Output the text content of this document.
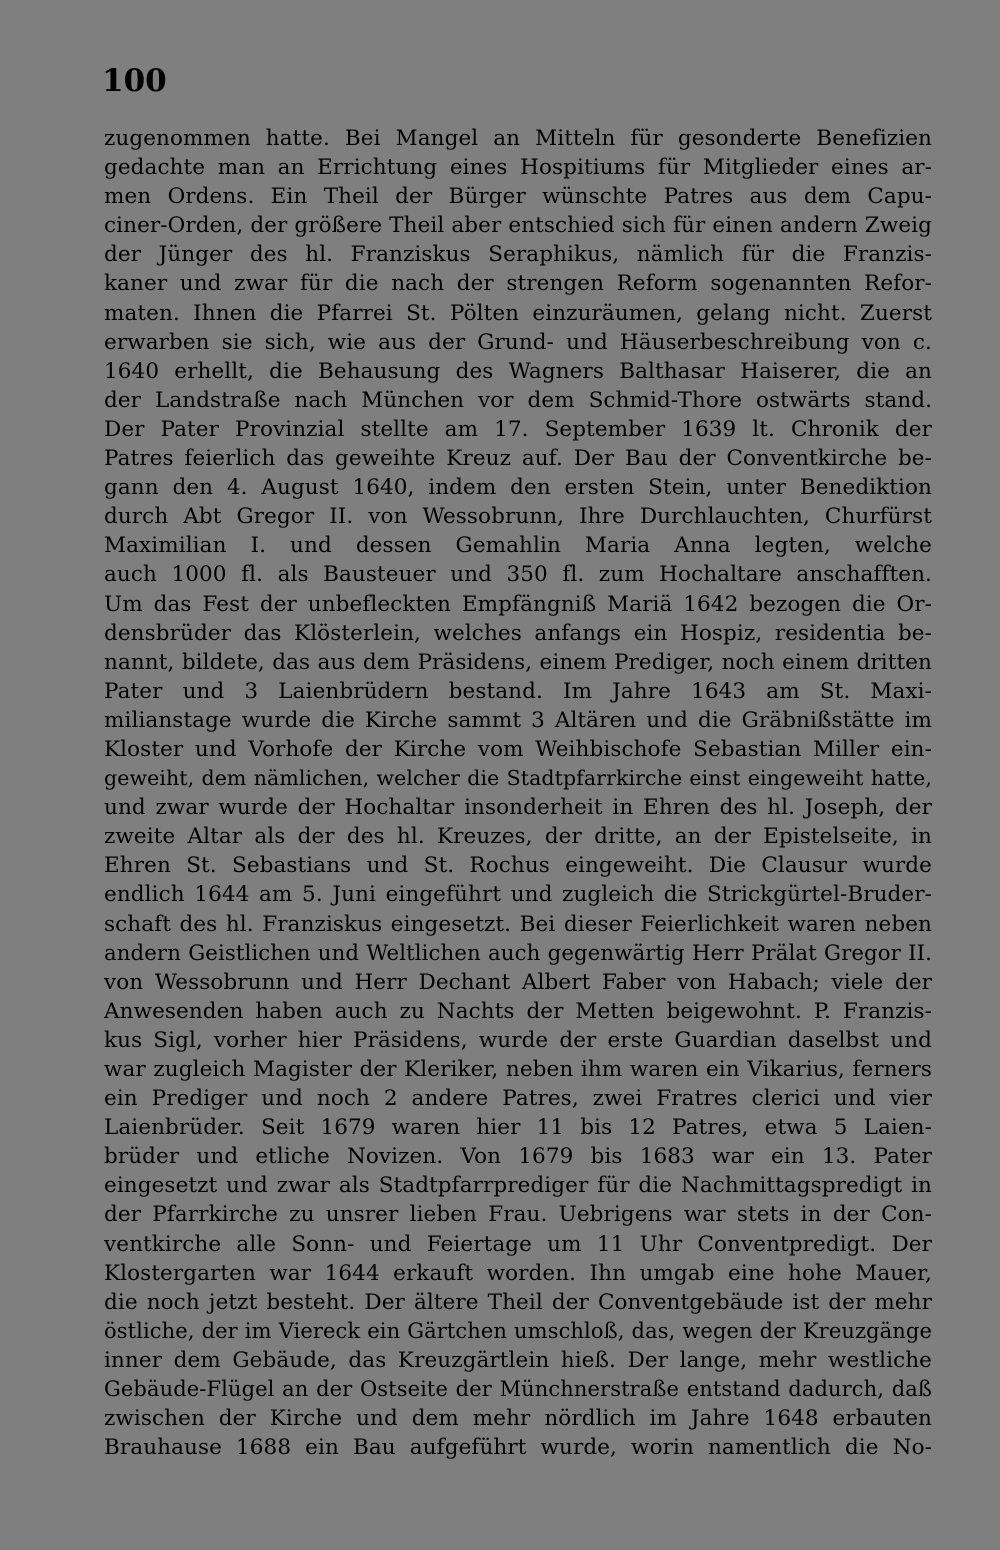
100
zugenommen hatte. Bei Mangel an Mitteln für gesonderte Benefizien
gedachte man an Errichtung eines Hospitiums für Mitglieder eines ar-
men Ordens. Ein Theil der Bürger wünschte Patres aus dem Capu-
ciner-Orden, der größere Theil aber entschied sich für einen andern Zweig
der Jünger des hl. Franziskus Seraphikus, nämlich für die Franzis-
kaner und zwar für die nach der strengen Reform sogenannten Refor-
maten. Ihnen die Pfarrei St. Pölten einzuräumen, gelang nicht. Zuerst
erwarben sie sich, wie aus der Grund- und Häuserbeschreibung von c.
1640 erhellt, die Behausung des Wagners Balthasar Haiserer, die an
der Landstraße nach München vor dem Schmid-Thore ostwärts stand.
Der Pater Provinzial stellte am 17. September 1639 lt. Chronik der
Patres feierlich das geweihte Kreuz auf. Der Bau der Conventkirche be-
gann den 4. August 1640, indem den ersten Stein, unter Benediktion
durch Abt Gregor II. von Wessobrunn, Ihre Durchlauchten, Churfürst
Maximilian I. und dessen Gemahlin Maria Anna legten, welche
auch 1000 fl. als Bausteuer und 350 fl. zum Hochaltare anschafften.
Um das Fest der unbefleckten Empfängniß Mariä 1642 bezogen die Or-
densbrüder das Klösterlein, welches anfangs ein Hospiz, residentia be-
nannt, bildete, das aus dem Präsidens, einem Prediger, noch einem dritten
Pater und 3 Laienbrüdern bestand. Im Jahre 1643 am St. Maxi-
milianstage wurde die Kirche sammt 3 Altären und die Gräbnißstätte im
Kloster und Vorhofe der Kirche vom Weihbischofe Sebastian Miller ein-
geweiht, dem nämlichen, welcher die Stadtpfarrkirche einst eingeweiht hatte,
und zwar wurde der Hochaltar insonderheit in Ehren des hl. Joseph, der
zweite Altar als der des hl. Kreuzes, der dritte, an der Epistelseite, in
Ehren St. Sebastians und St. Rochus eingeweiht. Die Clausur wurde
endlich 1644 am 5. Juni eingeführt und zugleich die Strickgürtel-Bruder-
schaft des hl. Franziskus eingesetzt. Bei dieser Feierlichkeit waren neben
andern Geistlichen und Weltlichen auch gegenwärtig Herr Prälat Gregor II.
von Wessobrunn und Herr Dechant Albert Faber von Habach; viele der
Anwesenden haben auch zu Nachts der Metten beigewohnt. P. Franzis-
kus Sigl, vorher hier Präsidens, wurde der erste Guardian daselbst und
war zugleich Magister der Kleriker, neben ihm waren ein Vikarius, ferners
ein Prediger und noch 2 andere Patres, zwei Fratres clerici und vier
Laienbrüder. Seit 1679 waren hier 11 bis 12 Patres, etwa 5 Laien-
brüder und etliche Novizen. Von 1679 bis 1683 war ein 13. Pater
eingesetzt und zwar als Stadtpfarrprediger für die Nachmittagspredigt in
der Pfarrkirche zu unsrer lieben Frau. Uebrigens war stets in der Con-
ventkirche alle Sonn- und Feiertage um 11 Uhr Conventpredigt. Der
Klostergarten war 1644 erkauft worden. Ihn umgab eine hohe Mauer,
die noch jetzt besteht. Der ältere Theil der Conventgebäude ist der mehr
östliche, der im Viereck ein Gärtchen umschloß, das, wegen der Kreuzgänge
inner dem Gebäude, das Kreuzgärtlein hieß. Der lange, mehr westliche
Gebäude-Flügel an der Ostseite der Münchnerstraße entstand dadurch, daß
zwischen der Kirche und dem mehr nördlich im Jahre 1648 erbauten
Brauhause 1688 ein Bau aufgeführt wurde, worin namentlich die No-
